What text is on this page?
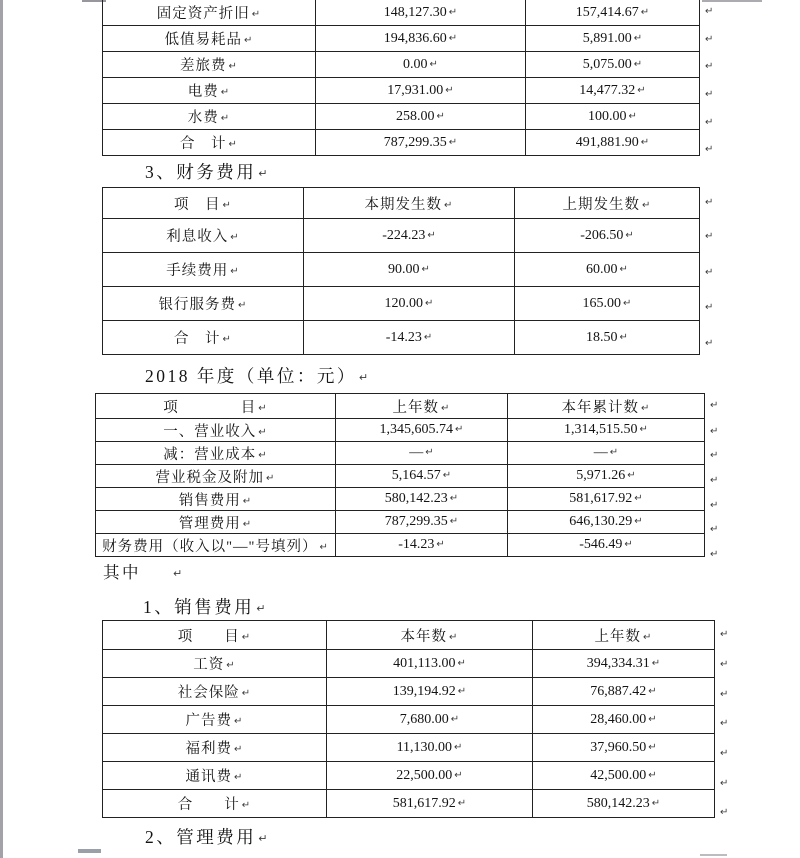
固定资产折旧 ↵	148,127.30 ↵	157,414.67 ↵
低值易耗品 ↵	194,836.60 ↵	5,891.00 ↵
差旅费 ↵	0.00 ↵	5,075.00 ↵
电费 ↵	17,931.00 ↵	14,477.32 ↵
水费 ↵	258.00 ↵	100.00 ↵
合　计 ↵	787,299.35 ↵	491,881.90 ↵
↵
↵
↵
↵
↵
↵
3、财务费用 ↵
项　目 ↵	本期发生数 ↵	上期发生数 ↵
利息收入 ↵	-224.23 ↵	-206.50 ↵
手续费用 ↵	90.00 ↵	60.00 ↵
银行服务费 ↵	120.00 ↵	165.00 ↵
合　计 ↵	-14.23 ↵	18.50 ↵
↵
↵
↵
↵
↵
2018 年度（单位：元） ↵
项　　　　目 ↵	上年数 ↵	本年累计数 ↵
一、营业收入 ↵	1,345,605.74 ↵	1,314,515.50 ↵
减：营业成本 ↵	— ↵	— ↵
营业税金及附加 ↵	5,164.57 ↵	5,971.26 ↵
销售费用 ↵	580,142.23 ↵	581,617.92 ↵
管理费用 ↵	787,299.35 ↵	646,130.29 ↵
财务费用（收入以"—"号填列） ↵	-14.23 ↵	-546.49 ↵
↵
↵
↵
↵
↵
↵
↵
其中	↵
1、销售费用 ↵
项　　目 ↵	本年数 ↵	上年数 ↵
工资 ↵	401,113.00 ↵	394,334.31 ↵
社会保险 ↵	139,194.92 ↵	76,887.42 ↵
广告费 ↵	7,680.00 ↵	28,460.00 ↵
福利费 ↵	11,130.00 ↵	37,960.50 ↵
通讯费 ↵	22,500.00 ↵	42,500.00 ↵
合　　计 ↵	581,617.92 ↵	580,142.23 ↵
↵
↵
↵
↵
↵
↵
↵
2、管理费用 ↵
